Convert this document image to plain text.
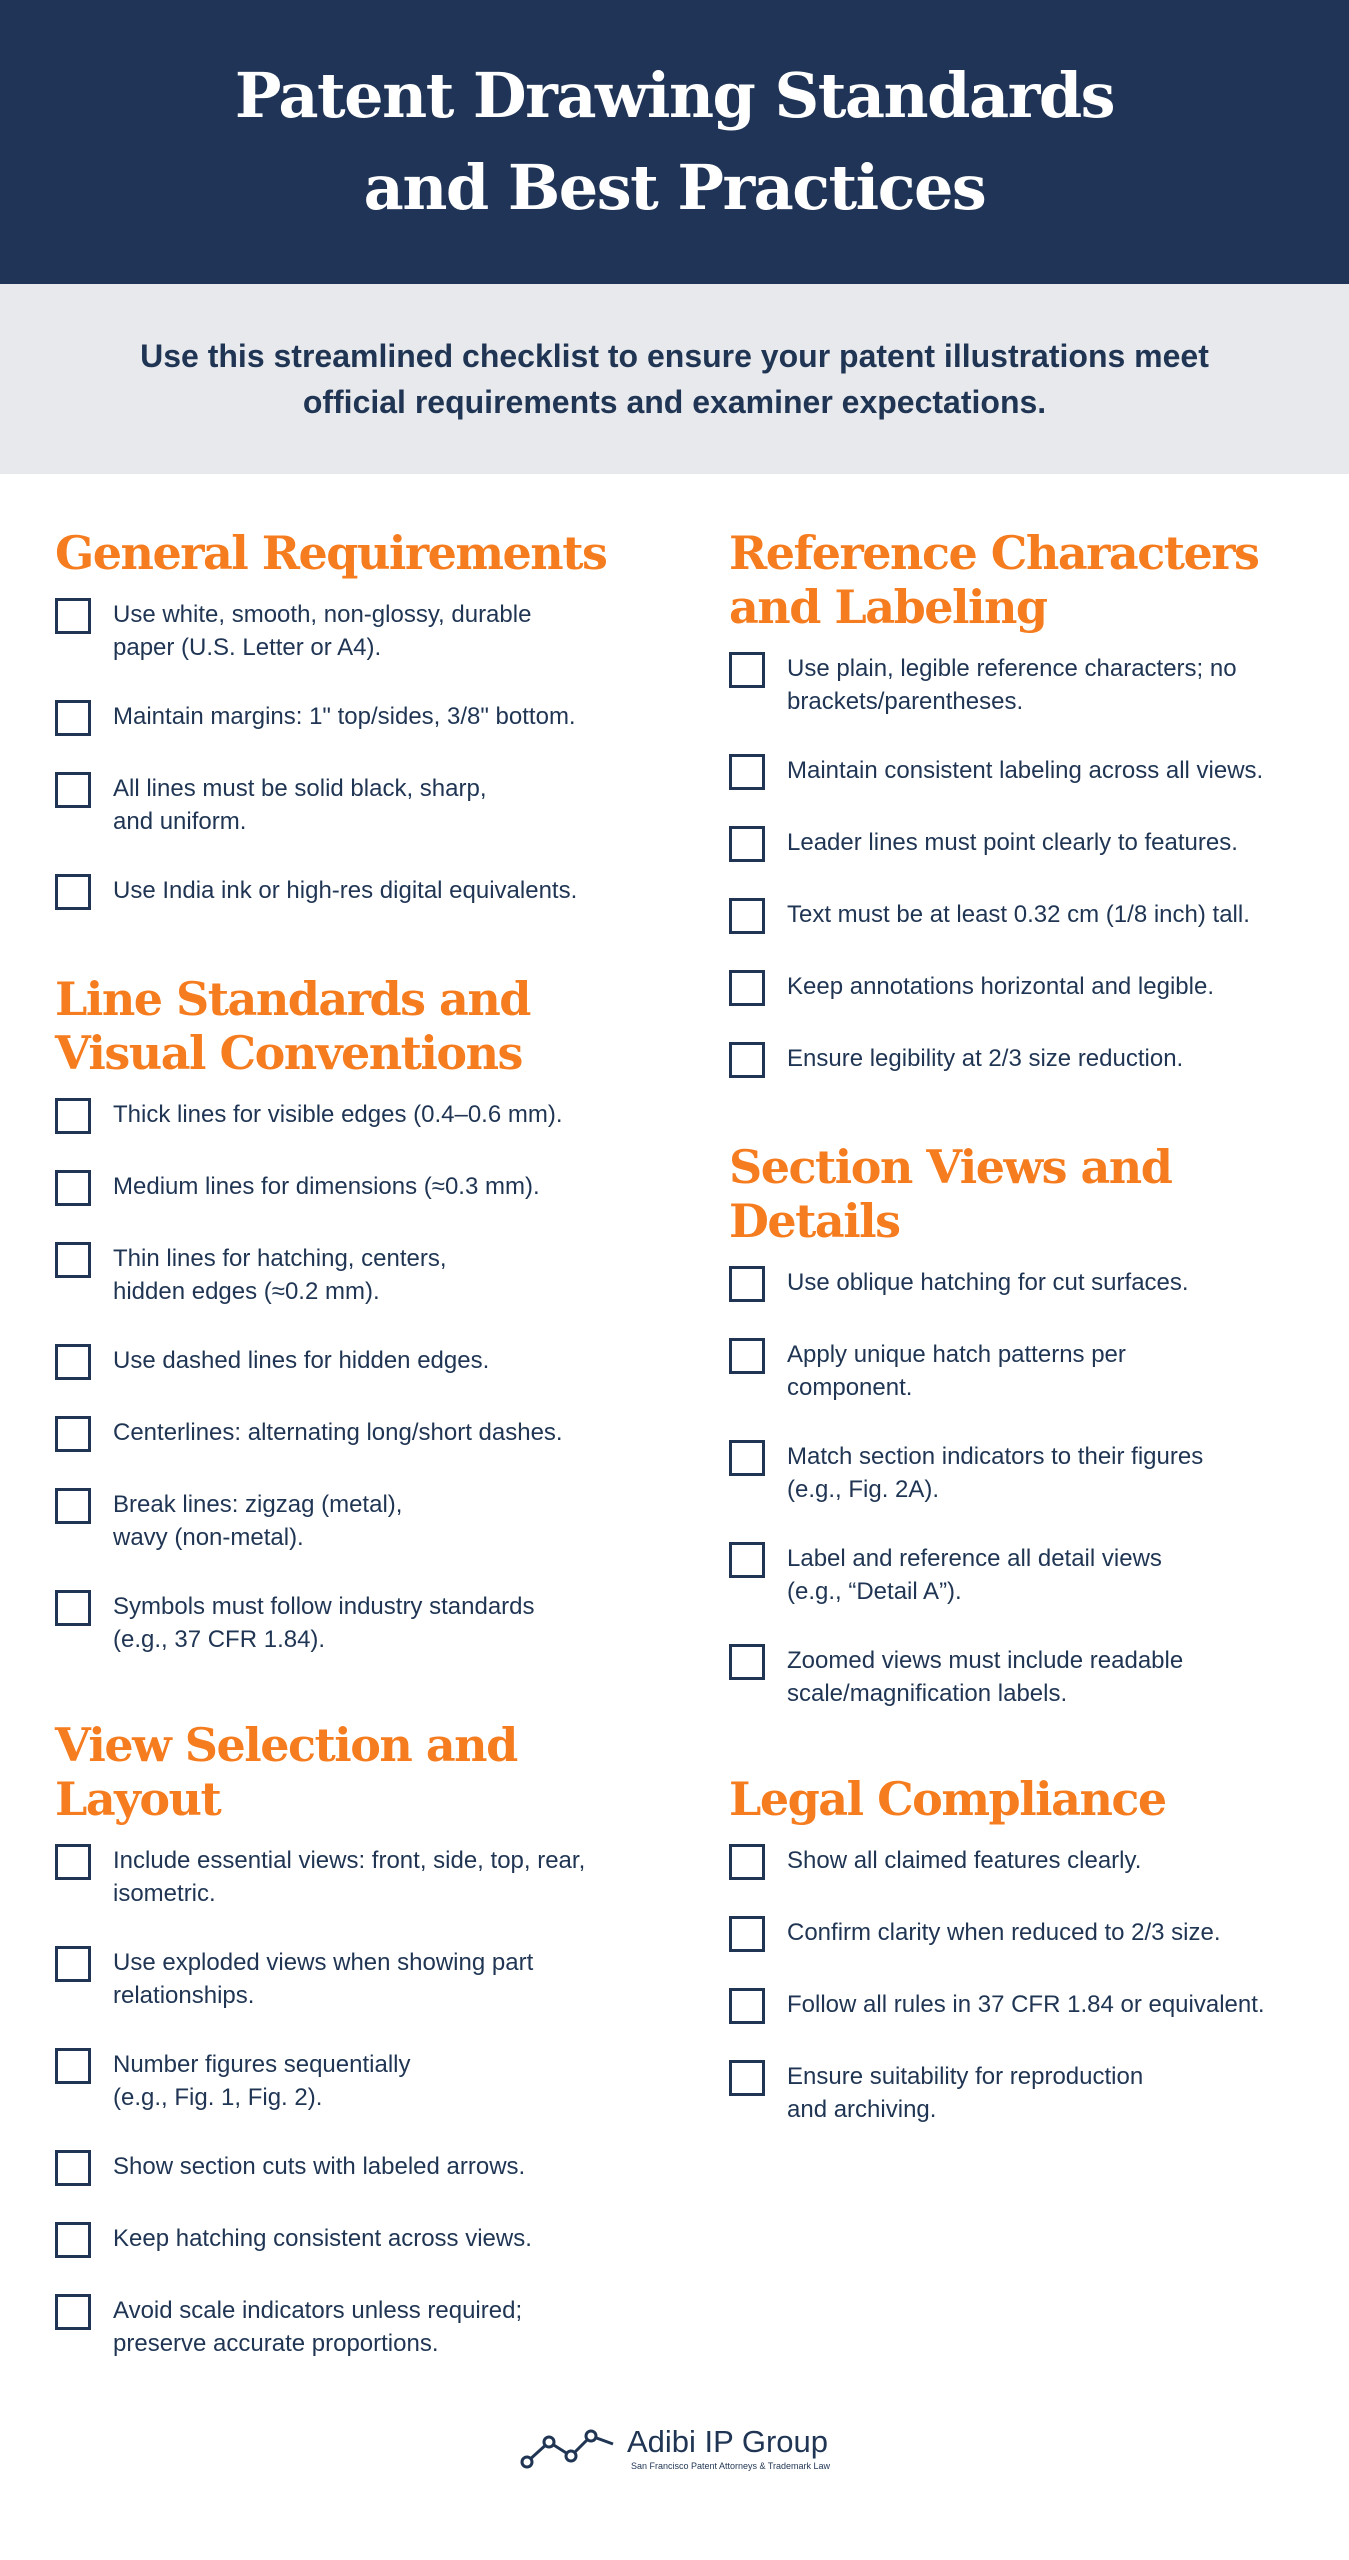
Patent Drawing Standards
and Best Practices

Use this streamlined checklist to ensure your patent illustrations meet official requirements and examiner expectations.

General Requirements
Use white, smooth, non-glossy, durable
paper (U.S. Letter or A4).
Maintain margins: 1" top/sides, 3/8" bottom.
All lines must be solid black, sharp,
and uniform.
Use India ink or high-res digital equivalents.
Line Standards and
Visual Conventions
Thick lines for visible edges (0.4–0.6 mm).
Medium lines for dimensions (≈0.3 mm).
Thin lines for hatching, centers,
hidden edges (≈0.2 mm).
Use dashed lines for hidden edges.
Centerlines: alternating long/short dashes.
Break lines: zigzag (metal),
wavy (non-metal).
Symbols must follow industry standards
(e.g., 37 CFR 1.84).
View Selection and Layout
Include essential views: front, side, top, rear,
isometric.
Use exploded views when showing part
relationships.
Number figures sequentially
(e.g., Fig. 1, Fig. 2).
Show section cuts with labeled arrows.
Keep hatching consistent across views.
Avoid scale indicators unless required;
preserve accurate proportions.
Reference Characters
and Labeling
Use plain, legible reference characters; no
brackets/parentheses.
Maintain consistent labeling across all views.
Leader lines must point clearly to features.
Text must be at least 0.32 cm (1/8 inch) tall.
Keep annotations horizontal and legible.
Ensure legibility at 2/3 size reduction.
Section Views and Details
Use oblique hatching for cut surfaces.
Apply unique hatch patterns per
component.
Match section indicators to their figures
(e.g., Fig. 2A).
Label and reference all detail views
(e.g., “Detail A”).
Zoomed views must include readable
scale/magnification labels.
Legal Compliance
Show all claimed features clearly.
Confirm clarity when reduced to 2/3 size.
Follow all rules in 37 CFR 1.84 or equivalent.
Ensure suitability for reproduction
and archiving.
Adibi IP Group
San Francisco Patent Attorneys & Trademark Law
